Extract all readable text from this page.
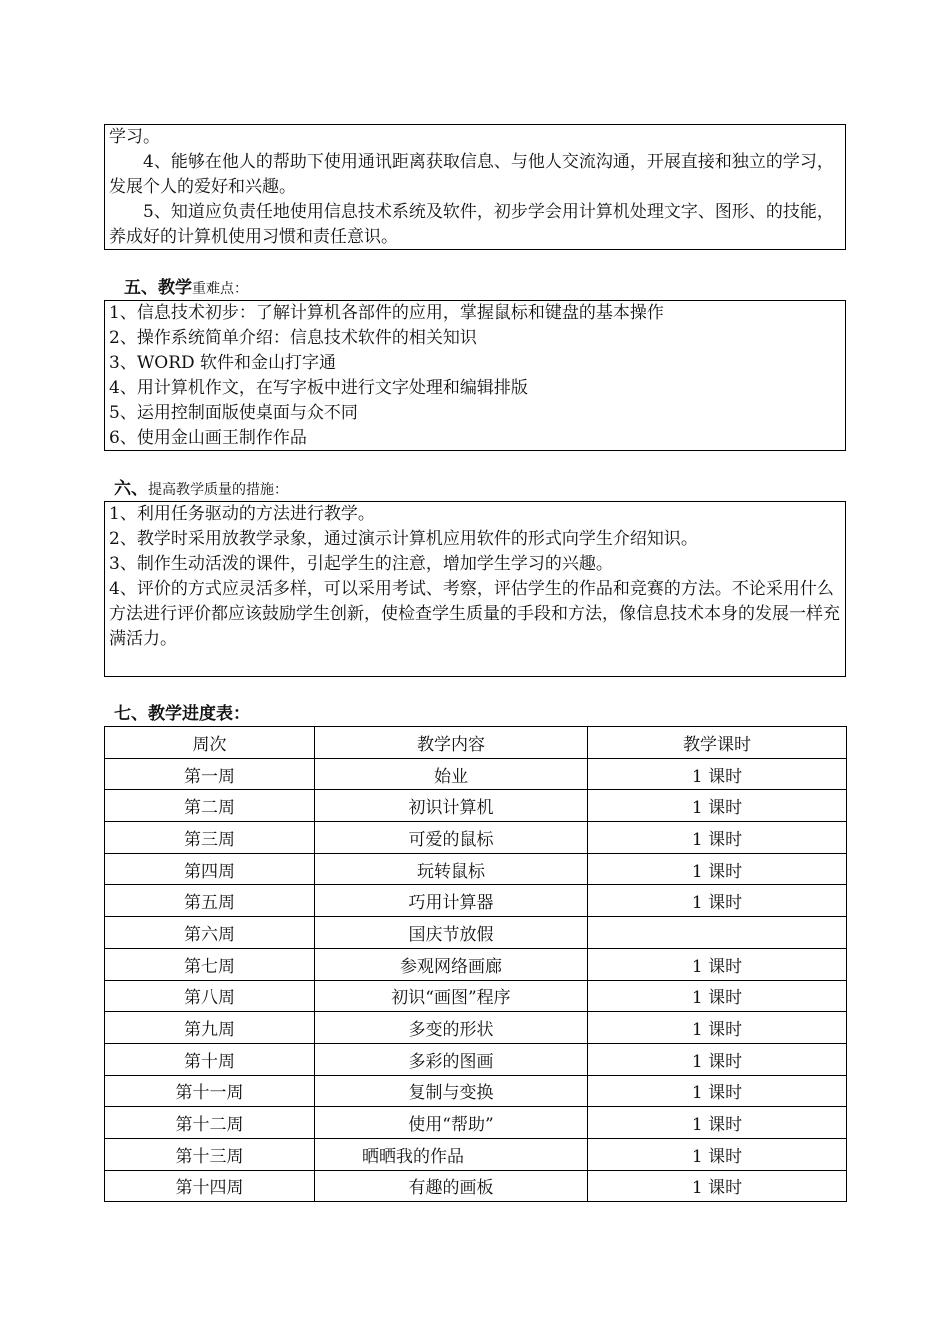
学习。

4、能够在他人的帮助下使用通讯距离获取信息、与他人交流沟通，开展直接和独立的学习，发展个人的爱好和兴趣。

5、知道应负责任地使用信息技术系统及软件，初步学会用计算机处理文字、图形、的技能，养成好的计算机使用习惯和责任意识。

五、教学重难点：

1、信息技术初步：了解计算机各部件的应用，掌握鼠标和键盘的基本操作

2、操作系统简单介绍：信息技术软件的相关知识

3、WORD 软件和金山打字通

4、用计算机作文，在写字板中进行文字处理和编辑排版

5、运用控制面版使桌面与众不同

6、使用金山画王制作作品

六、提高教学质量的措施：

1、利用任务驱动的方法进行教学。

2、教学时采用放教学录象，通过演示计算机应用软件的形式向学生介绍知识。

3、制作生动活泼的课件，引起学生的注意，增加学生学习的兴趣。

4、评价的方式应灵活多样，可以采用考试、考察，评估学生的作品和竞赛的方法。不论采用什么方法进行评价都应该鼓励学生创新，使检查学生质量的手段和方法，像信息技术本身的发展一样充满活力。

七、教学进度表：
周次	教学内容	教学课时
第一周	始业	1 课时
第二周	初识计算机	1 课时
第三周	可爱的鼠标	1 课时
第四周	玩转鼠标	1 课时
第五周	巧用计算器	1 课时
第六周	国庆节放假	
第七周	参观网络画廊	1 课时
第八周	初识“画图”程序	1 课时
第九周	多变的形状	1 课时
第十周	多彩的图画	1 课时
第十一周	复制与变换	1 课时
第十二周	使用“帮助”	1 课时
第十三周	晒晒我的作品	1 课时
第十四周	有趣的画板	1 课时
